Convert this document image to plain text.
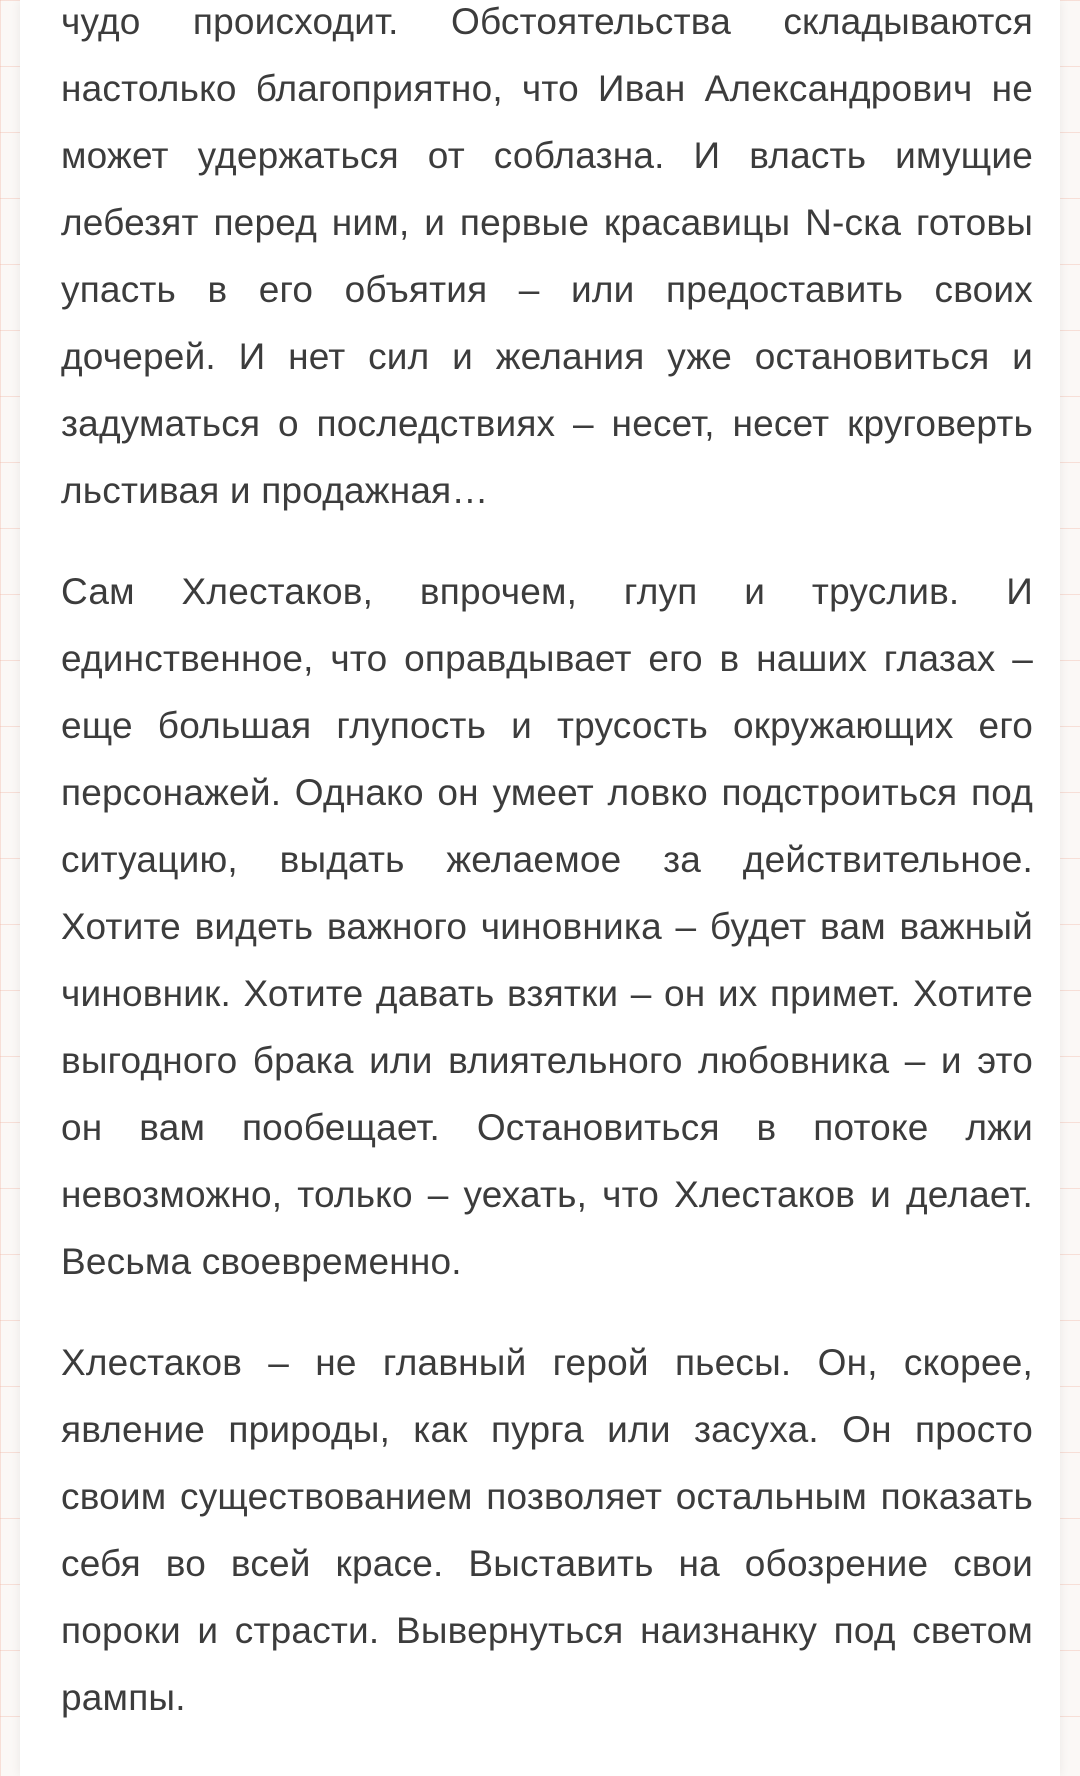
чудо происходит. Обстоятельства складываются настолько благоприятно, что Иван Александрович не может удержаться от соблазна. И власть имущие лебезят перед ним, и первые красавицы N-ска готовы упасть в его объятия – или предоставить своих дочерей. И нет сил и желания уже остановиться и задуматься о последствиях – несет, несет круговерть льстивая и продажная…

Сам Хлестаков, впрочем, глуп и труслив. И единственное, что оправдывает его в наших глазах – еще большая глупость и трусость окружающих его персонажей. Однако он умеет ловко подстроиться под ситуацию, выдать желаемое за действительное. Хотите видеть важного чиновника – будет вам важный чиновник. Хотите давать взятки – он их примет. Хотите выгодного брака или влиятельного любовника – и это он вам пообещает. Остановиться в потоке лжи невозможно, только – уехать, что Хлестаков и делает. Весьма своевременно.

Хлестаков – не главный герой пьесы. Он, скорее, явление природы, как пурга или засуха. Он просто своим существованием позволяет остальным показать себя во всей красе. Выставить на обозрение свои пороки и страсти. Вывернуться наизнанку под светом рампы.
